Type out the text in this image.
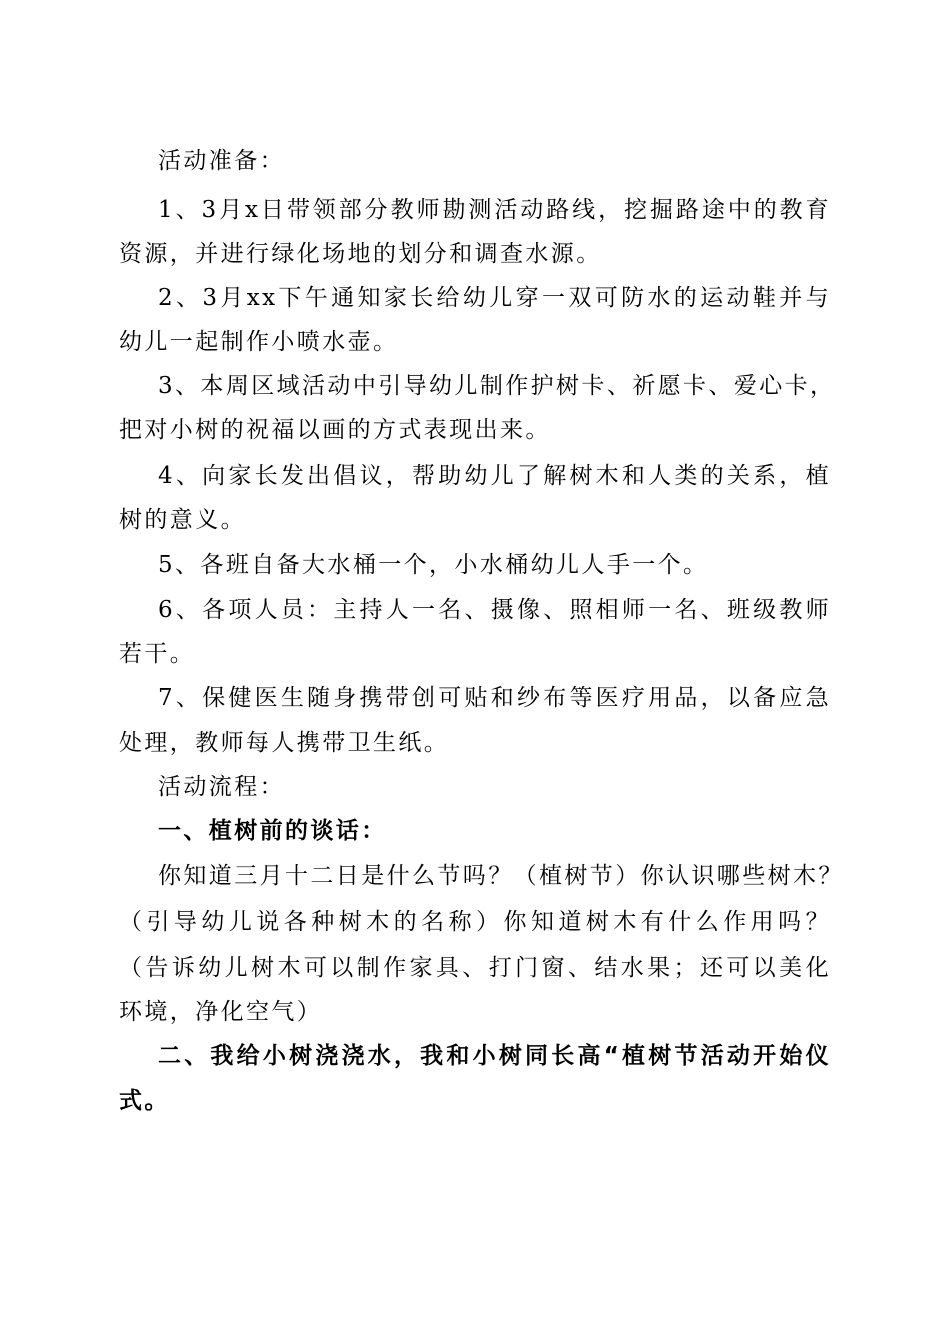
活动准备：
1、3月x日带领部分教师勘测活动路线，挖掘路途中的教育
资源，并进行绿化场地的划分和调查水源。
2、3月xx下午通知家长给幼儿穿一双可防水的运动鞋并与
幼儿一起制作小喷水壶。
3、本周区域活动中引导幼儿制作护树卡、祈愿卡、爱心卡，
把对小树的祝福以画的方式表现出来。
4、向家长发出倡议，帮助幼儿了解树木和人类的关系，植
树的意义。
5、各班自备大水桶一个，小水桶幼儿人手一个。
6、各项人员：主持人一名、摄像、照相师一名、班级教师
若干。
7、保健医生随身携带创可贴和纱布等医疗用品，以备应急
处理，教师每人携带卫生纸。
活动流程：
一、植树前的谈话：
你知道三月十二日是什么节吗？（植树节）你认识哪些树木？
（引导幼儿说各种树木的名称）你知道树木有什么作用吗？
（告诉幼儿树木可以制作家具、打门窗、结水果；还可以美化
环境，净化空气）
二、我给小树浇浇水，我和小树同长高“植树节活动开始仪
式。
